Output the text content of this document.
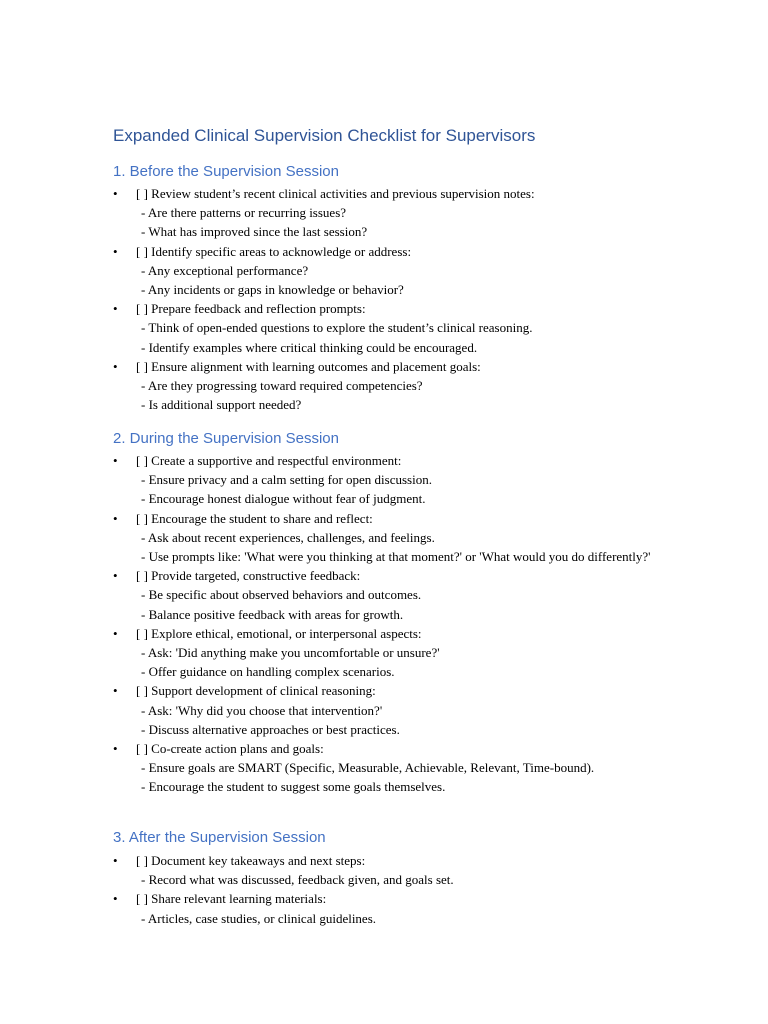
Expanded Clinical Supervision Checklist for Supervisors
1. Before the Supervision Session
• [ ] Review student’s recent clinical activities and previous supervision notes:
- Are there patterns or recurring issues?
- What has improved since the last session?
• [ ] Identify specific areas to acknowledge or address:
- Any exceptional performance?
- Any incidents or gaps in knowledge or behavior?
• [ ] Prepare feedback and reflection prompts:
- Think of open-ended questions to explore the student’s clinical reasoning.
- Identify examples where critical thinking could be encouraged.
• [ ] Ensure alignment with learning outcomes and placement goals:
- Are they progressing toward required competencies?
- Is additional support needed?
2. During the Supervision Session
• [ ] Create a supportive and respectful environment:
- Ensure privacy and a calm setting for open discussion.
- Encourage honest dialogue without fear of judgment.
• [ ] Encourage the student to share and reflect:
- Ask about recent experiences, challenges, and feelings.
- Use prompts like: 'What were you thinking at that moment?' or 'What would you do differently?'
• [ ] Provide targeted, constructive feedback:
- Be specific about observed behaviors and outcomes.
- Balance positive feedback with areas for growth.
• [ ] Explore ethical, emotional, or interpersonal aspects:
- Ask: 'Did anything make you uncomfortable or unsure?'
- Offer guidance on handling complex scenarios.
• [ ] Support development of clinical reasoning:
- Ask: 'Why did you choose that intervention?'
- Discuss alternative approaches or best practices.
• [ ] Co-create action plans and goals:
- Ensure goals are SMART (Specific, Measurable, Achievable, Relevant, Time-bound).
- Encourage the student to suggest some goals themselves.
3. After the Supervision Session
• [ ] Document key takeaways and next steps:
- Record what was discussed, feedback given, and goals set.
• [ ] Share relevant learning materials:
- Articles, case studies, or clinical guidelines.
